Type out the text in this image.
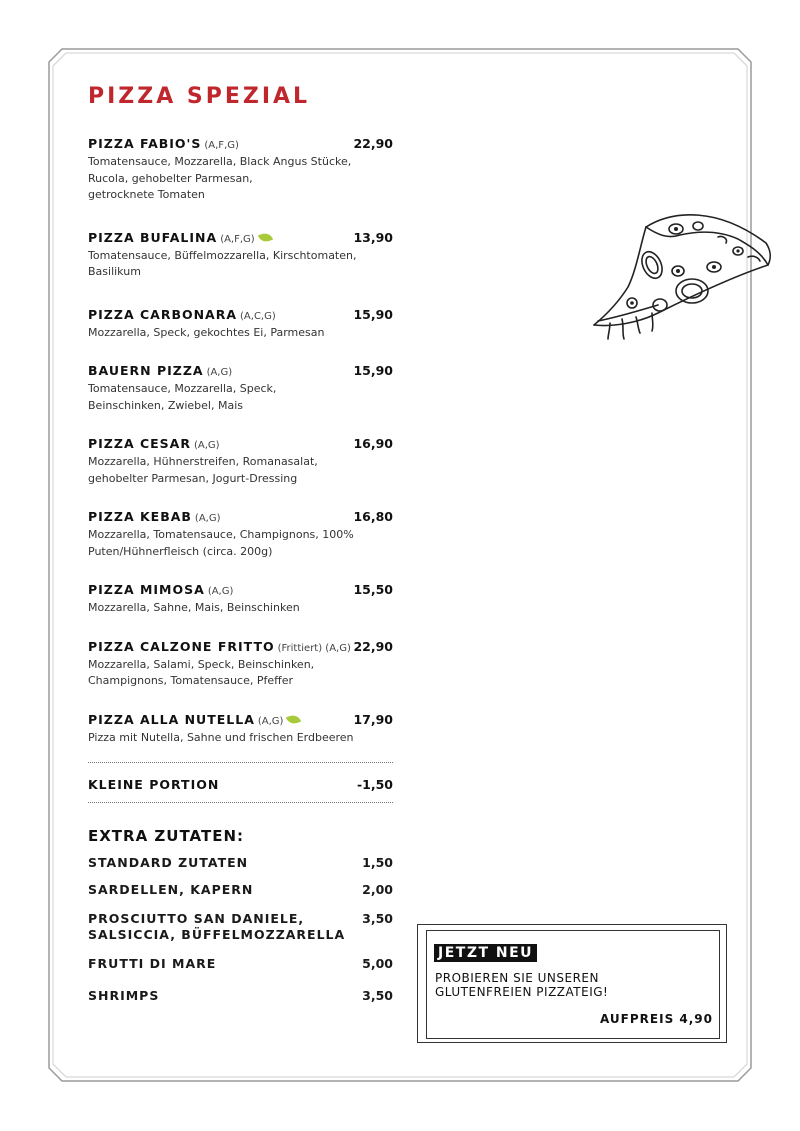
PIZZA SPEZIAL
PIZZA FABIO'S (A,F,G)	22,90
Tomatensauce, Mozzarella, Black Angus Stücke,
Rucola, gehobelter Parmesan,
getrocknete Tomaten
PIZZA BUFALINA (A,F,G)	13,90
Tomatensauce, Büffelmozzarella, Kirschtomaten,
Basilikum
PIZZA CARBONARA (A,C,G)	15,90
Mozzarella, Speck, gekochtes Ei, Parmesan
BAUERN PIZZA (A,G)	15,90
Tomatensauce, Mozzarella, Speck,
Beinschinken, Zwiebel, Mais
PIZZA CESAR (A,G)	16,90
Mozzarella, Hühnerstreifen, Romanasalat,
gehobelter Parmesan, Jogurt-Dressing
PIZZA KEBAB (A,G)	16,80
Mozzarella, Tomatensauce, Champignons, 100%
Puten/Hühnerfleisch (circa. 200g)
PIZZA MIMOSA (A,G)	15,50
Mozzarella, Sahne, Mais, Beinschinken
PIZZA CALZONE FRITTO (Frittiert) (A,G) 22,90
Mozzarella, Salami, Speck, Beinschinken,
Champignons, Tomatensauce, Pfeffer
PIZZA ALLA NUTELLA (A,G)	17,90
Pizza mit Nutella, Sahne und frischen Erdbeeren
KLEINE PORTION	-1,50
EXTRA ZUTATEN:
STANDARD ZUTATEN	1,50
SARDELLEN, KAPERN	2,00
PROSCIUTTO SAN DANIELE, SALSICCIA, BÜFFELMOZZARELLA
3,50
FRUTTI DI MARE	5,00
SHRIMPS	3,50
JETZT NEU
PROBIEREN SIE UNSEREN
GLUTENFREIEN PIZZATEIG!
AUFPREIS 4,90
